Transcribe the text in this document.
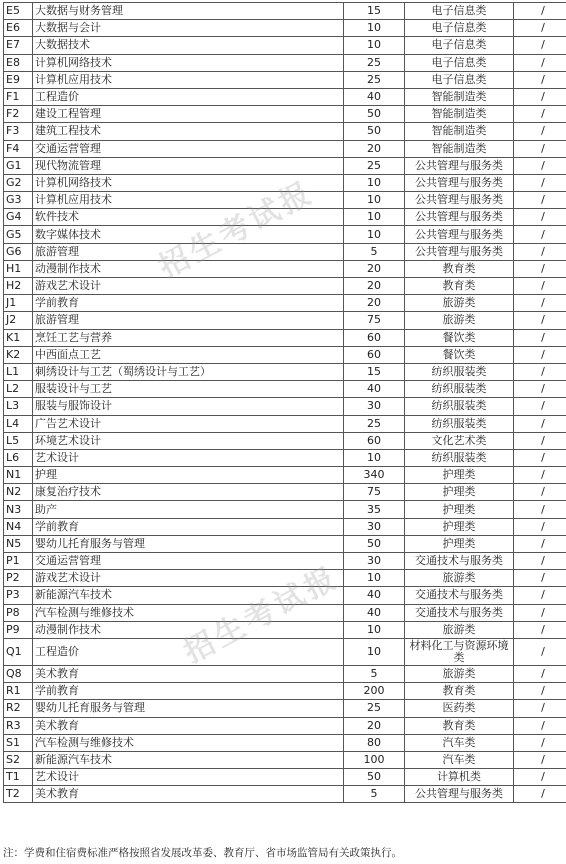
E5	大数据与财务管理	15	电子信息类	/
E6	大数据与会计	10	电子信息类	/
E7	大数据技术	10	电子信息类	/
E8	计算机网络技术	25	电子信息类	/
E9	计算机应用技术	25	电子信息类	/
F1	工程造价	40	智能制造类	/
F2	建设工程管理	50	智能制造类	/
F3	建筑工程技术	50	智能制造类	/
F4	交通运营管理	20	智能制造类	/
G1	现代物流管理	25	公共管理与服务类	/
G2	计算机网络技术	10	公共管理与服务类	/
G3	计算机应用技术	10	公共管理与服务类	/
G4	软件技术	10	公共管理与服务类	/
G5	数字媒体技术	10	公共管理与服务类	/
G6	旅游管理	5	公共管理与服务类	/
H1	动漫制作技术	20	教育类	/
H2	游戏艺术设计	20	教育类	/
J1	学前教育	20	旅游类	/
J2	旅游管理	75	旅游类	/
K1	烹饪工艺与营养	60	餐饮类	/
K2	中西面点工艺	60	餐饮类	/
L1	刺绣设计与工艺（蜀绣设计与工艺）	15	纺织服装类	/
L2	服装设计与工艺	40	纺织服装类	/
L3	服装与服饰设计	30	纺织服装类	/
L4	广告艺术设计	25	纺织服装类	/
L5	环境艺术设计	60	文化艺术类	/
L6	艺术设计	10	纺织服装类	/
N1	护理	340	护理类	/
N2	康复治疗技术	75	护理类	/
N3	助产	35	护理类	/
N4	学前教育	30	护理类	/
N5	婴幼儿托育服务与管理	50	护理类	/
P1	交通运营管理	30	交通技术与服务类	/
P2	游戏艺术设计	10	旅游类	/
P3	新能源汽车技术	40	交通技术与服务类	/
P8	汽车检测与维修技术	40	交通技术与服务类	/
P9	动漫制作技术	10	旅游类	/
Q1	工程造价	10	材料化工与资源环境类	/
Q8	美术教育	5	旅游类	/
R1	学前教育	200	教育类	/
R2	婴幼儿托育服务与管理	25	医药类	/
R3	美术教育	20	教育类	/
S1	汽车检测与维修技术	80	汽车类	/
S2	新能源汽车技术	100	汽车类	/
T1	艺术设计	50	计算机类	/
T2	美术教育	5	公共管理与服务类	/
招生考试报
招生考试报
注：学费和住宿费标准严格按照省发展改革委、教育厅、省市场监管局有关政策执行。
